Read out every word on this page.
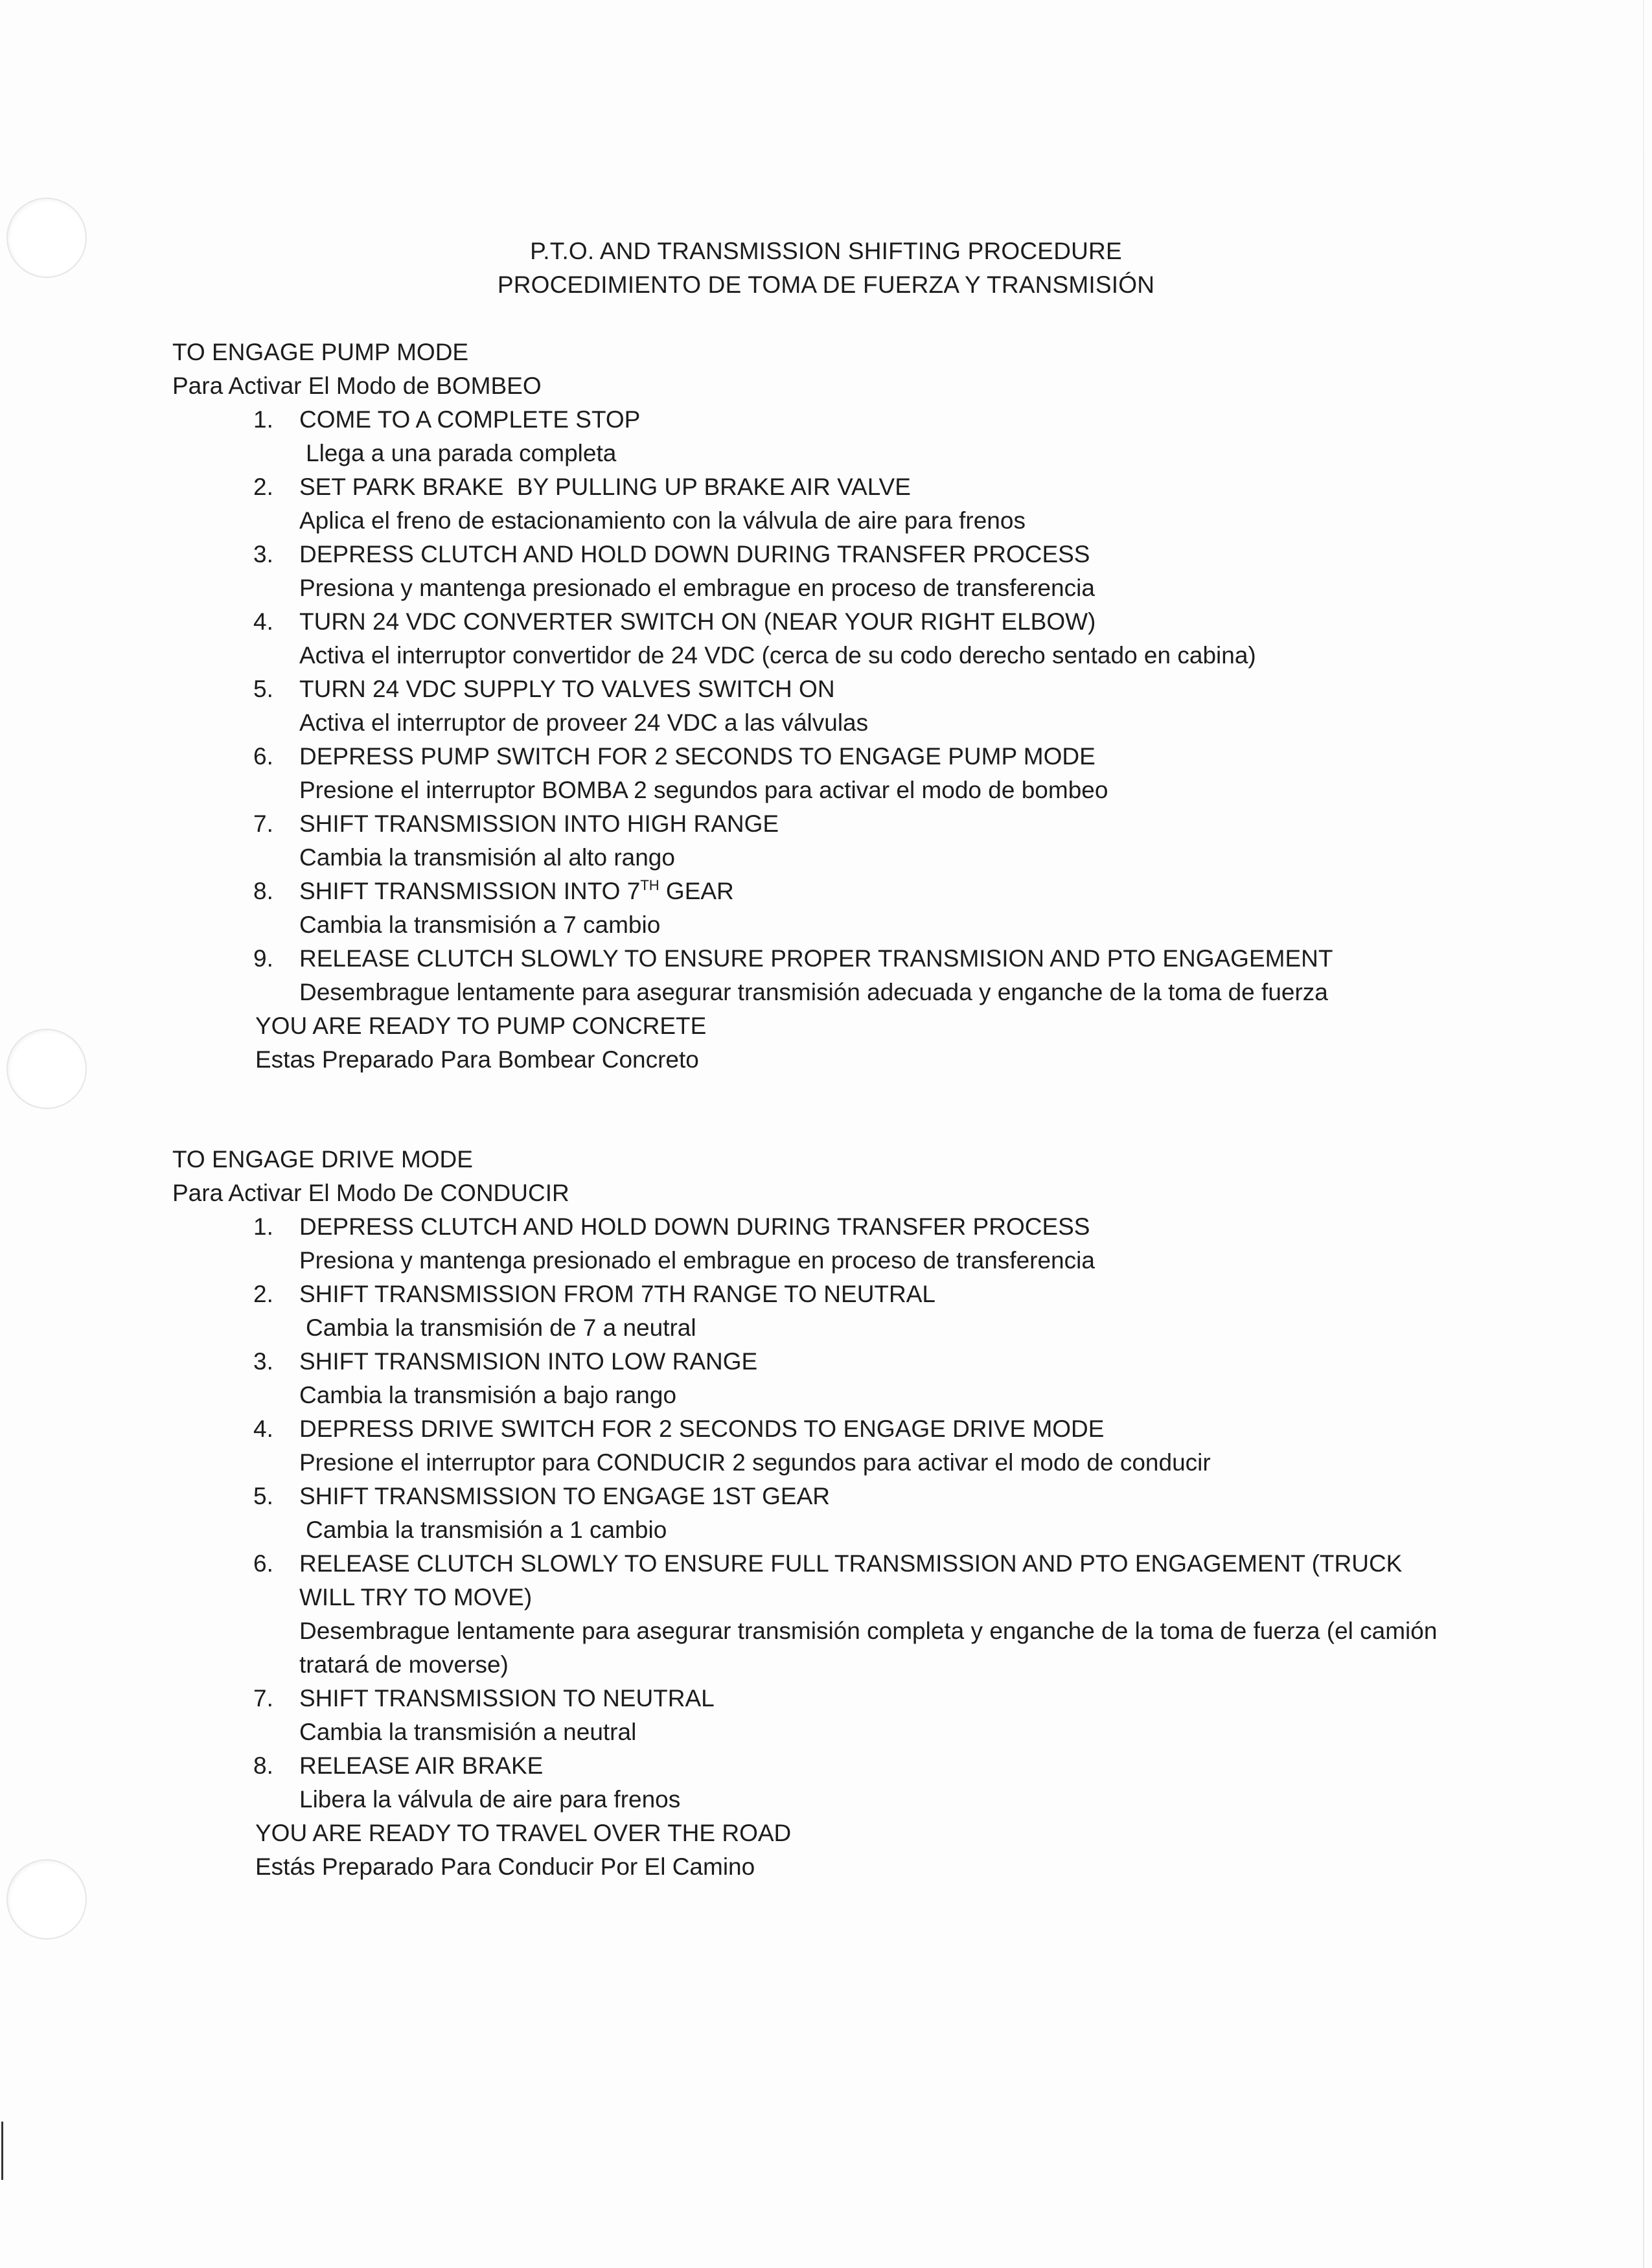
P.T.O. AND TRANSMISSION SHIFTING PROCEDURE
PROCEDIMIENTO DE TOMA DE FUERZA Y TRANSMISIÓN
TO ENGAGE PUMP MODE
Para Activar El Modo de BOMBEO
1. COME TO A COMPLETE STOP
Llega a una parada completa
2. SET PARK BRAKE  BY PULLING UP BRAKE AIR VALVE
Aplica el freno de estacionamiento con la válvula de aire para frenos
3. DEPRESS CLUTCH AND HOLD DOWN DURING TRANSFER PROCESS
Presiona y mantenga presionado el embrague en proceso de transferencia
4. TURN 24 VDC CONVERTER SWITCH ON (NEAR YOUR RIGHT ELBOW)
Activa el interruptor convertidor de 24 VDC (cerca de su codo derecho sentado en cabina)
5. TURN 24 VDC SUPPLY TO VALVES SWITCH ON
Activa el interruptor de proveer 24 VDC a las válvulas
6. DEPRESS PUMP SWITCH FOR 2 SECONDS TO ENGAGE PUMP MODE
Presione el interruptor BOMBA 2 segundos para activar el modo de bombeo
7. SHIFT TRANSMISSION INTO HIGH RANGE
Cambia la transmisión al alto rango
8. SHIFT TRANSMISSION INTO 7TH GEAR
Cambia la transmisión a 7 cambio
9. RELEASE CLUTCH SLOWLY TO ENSURE PROPER TRANSMISION AND PTO ENGAGEMENT
Desembrague lentamente para asegurar transmisión adecuada y enganche de la toma de fuerza
YOU ARE READY TO PUMP CONCRETE
Estas Preparado Para Bombear Concreto
TO ENGAGE DRIVE MODE
Para Activar El Modo De CONDUCIR
1. DEPRESS CLUTCH AND HOLD DOWN DURING TRANSFER PROCESS
Presiona y mantenga presionado el embrague en proceso de transferencia
2. SHIFT TRANSMISSION FROM 7TH RANGE TO NEUTRAL
Cambia la transmisión de 7 a neutral
3. SHIFT TRANSMISION INTO LOW RANGE
Cambia la transmisión a bajo rango
4. DEPRESS DRIVE SWITCH FOR 2 SECONDS TO ENGAGE DRIVE MODE
Presione el interruptor para CONDUCIR 2 segundos para activar el modo de conducir
5. SHIFT TRANSMISSION TO ENGAGE 1ST GEAR
Cambia la transmisión a 1 cambio
6. RELEASE CLUTCH SLOWLY TO ENSURE FULL TRANSMISSION AND PTO ENGAGEMENT (TRUCK WILL TRY TO MOVE)
Desembrague lentamente para asegurar transmisión completa y enganche de la toma de fuerza (el camión tratará de moverse)
7. SHIFT TRANSMISSION TO NEUTRAL
Cambia la transmisión a neutral
8. RELEASE AIR BRAKE
Libera la válvula de aire para frenos
YOU ARE READY TO TRAVEL OVER THE ROAD
Estás Preparado Para Conducir Por El Camino
